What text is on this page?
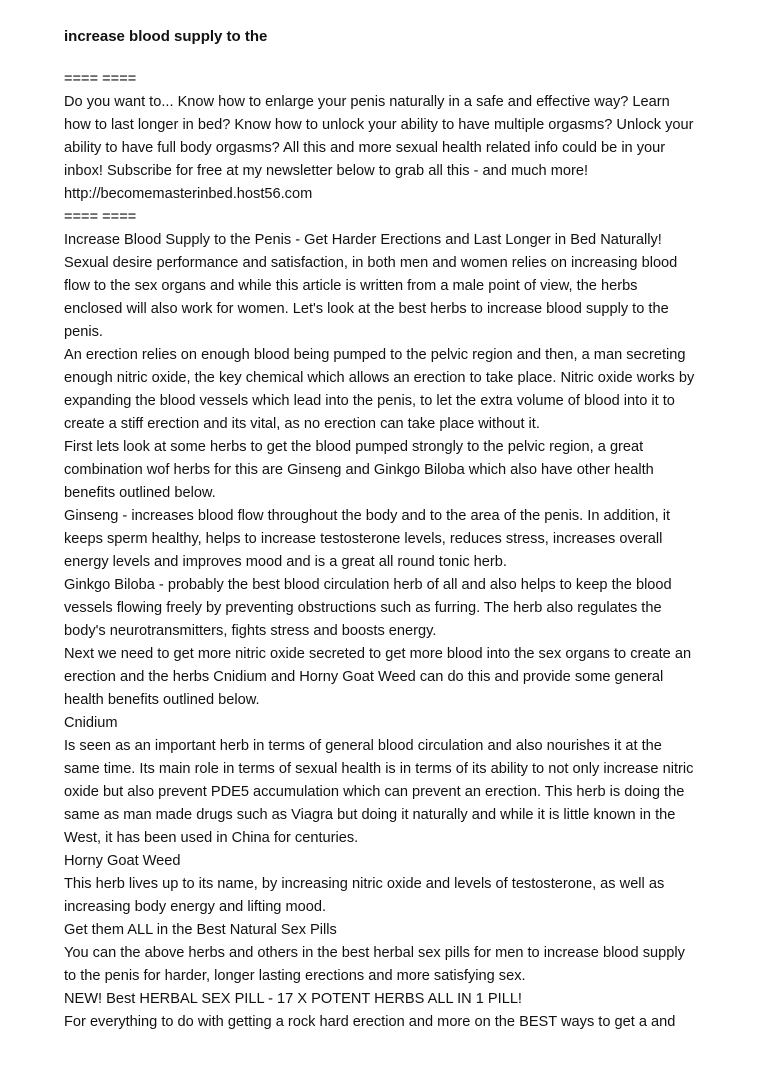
increase blood supply to the

==== ====

Do you want to... Know how to enlarge your penis naturally in a safe and effective way? Learn

how to last longer in bed? Know how to unlock your ability to have multiple orgasms? Unlock your

ability to have full body orgasms? All this and more sexual health related info could be in your

inbox! Subscribe for free at my newsletter below to grab all this - and much more!

http://becomemasterinbed.host56.com

==== ====

Increase Blood Supply to the Penis - Get Harder Erections and Last Longer in Bed Naturally!

Sexual desire performance and satisfaction, in both men and women relies on increasing blood

flow to the sex organs and while this article is written from a male point of view, the herbs

enclosed will also work for women. Let's look at the best herbs to increase blood supply to the

penis.

An erection relies on enough blood being pumped to the pelvic region and then, a man secreting

enough nitric oxide, the key chemical which allows an erection to take place. Nitric oxide works by

expanding the blood vessels which lead into the penis, to let the extra volume of blood into it to

create a stiff erection and its vital, as no erection can take place without it.

First lets look at some herbs to get the blood pumped strongly to the pelvic region, a great

combination wof herbs for this are Ginseng and Ginkgo Biloba which also have other health

benefits outlined below.

Ginseng - increases blood flow throughout the body and to the area of the penis. In addition, it

keeps sperm healthy, helps to increase testosterone levels, reduces stress, increases overall

energy levels and improves mood and is a great all round tonic herb.

Ginkgo Biloba - probably the best blood circulation herb of all and also helps to keep the blood

vessels flowing freely by preventing obstructions such as furring. The herb also regulates the

body's neurotransmitters, fights stress and boosts energy.

Next we need to get more nitric oxide secreted to get more blood into the sex organs to create an

erection and the herbs Cnidium and Horny Goat Weed can do this and provide some general

health benefits outlined below.

Cnidium

Is seen as an important herb in terms of general blood circulation and also nourishes it at the

same time. Its main role in terms of sexual health is in terms of its ability to not only increase nitric

oxide but also prevent PDE5 accumulation which can prevent an erection. This herb is doing the

same as man made drugs such as Viagra but doing it naturally and while it is little known in the

West, it has been used in China for centuries.

Horny Goat Weed

This herb lives up to its name, by increasing nitric oxide and levels of testosterone, as well as

increasing body energy and lifting mood.

Get them ALL in the Best Natural Sex Pills

You can the above herbs and others in the best herbal sex pills for men to increase blood supply

to the penis for harder, longer lasting erections and more satisfying sex.

NEW! Best HERBAL SEX PILL - 17 X POTENT HERBS ALL IN 1 PILL!

For everything to do with getting a rock hard erection and more on the BEST ways to get a and
